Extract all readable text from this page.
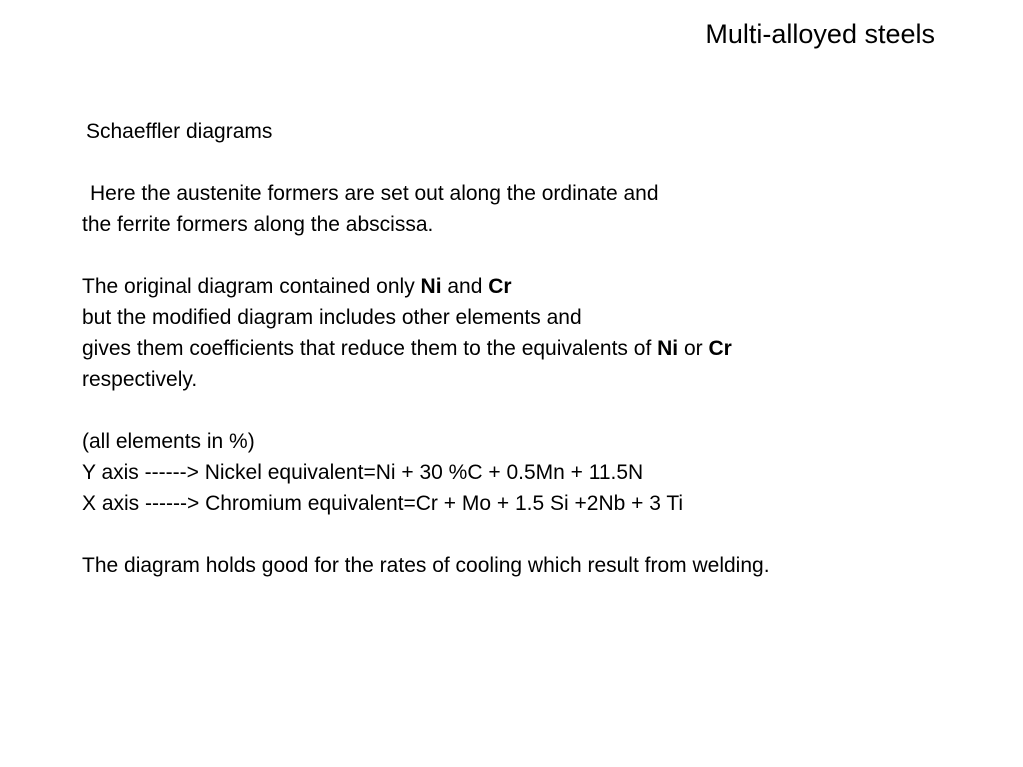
Multi-alloyed steels
Schaeffler diagrams
Here the austenite formers are set out along the ordinate and
the ferrite formers along the abscissa.
The original diagram contained only Ni and Cr
but the modified diagram includes other elements and
gives them coefficients that reduce them to the equivalents of Ni or Cr
respectively.
(all elements in %)
Y axis ------> Nickel equivalent=Ni + 30 %C + 0.5Mn + 11.5N
X axis ------> Chromium equivalent=Cr + Mo + 1.5 Si +2Nb + 3 Ti
The diagram holds good for the rates of cooling which result from welding.
